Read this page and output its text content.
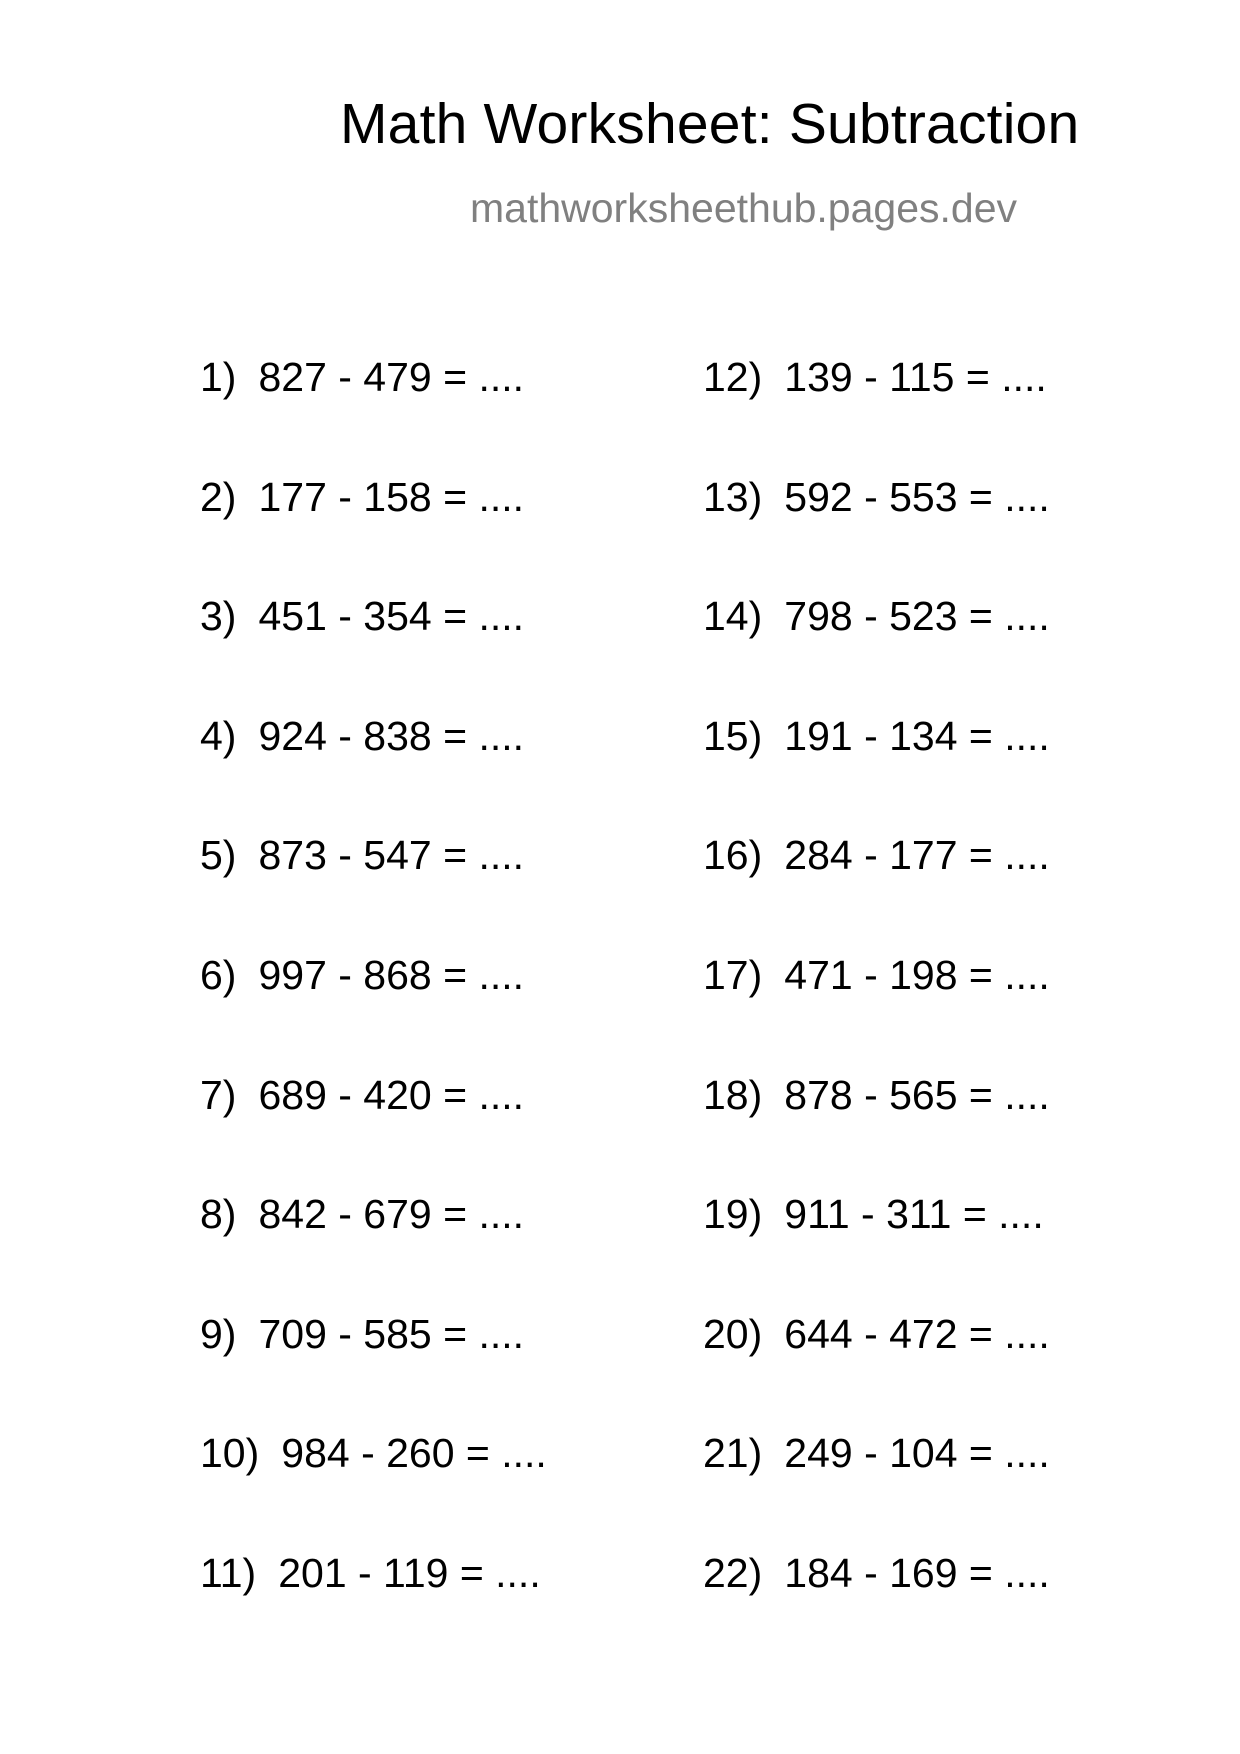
Math Worksheet: Subtraction
mathworksheethub.pages.dev
1) 827 - 479 = ....
2) 177 - 158 = ....
3) 451 - 354 = ....
4) 924 - 838 = ....
5) 873 - 547 = ....
6) 997 - 868 = ....
7) 689 - 420 = ....
8) 842 - 679 = ....
9) 709 - 585 = ....
10) 984 - 260 = ....
11) 201 - 119 = ....
12) 139 - 115 = ....
13) 592 - 553 = ....
14) 798 - 523 = ....
15) 191 - 134 = ....
16) 284 - 177 = ....
17) 471 - 198 = ....
18) 878 - 565 = ....
19) 911 - 311 = ....
20) 644 - 472 = ....
21) 249 - 104 = ....
22) 184 - 169 = ....
